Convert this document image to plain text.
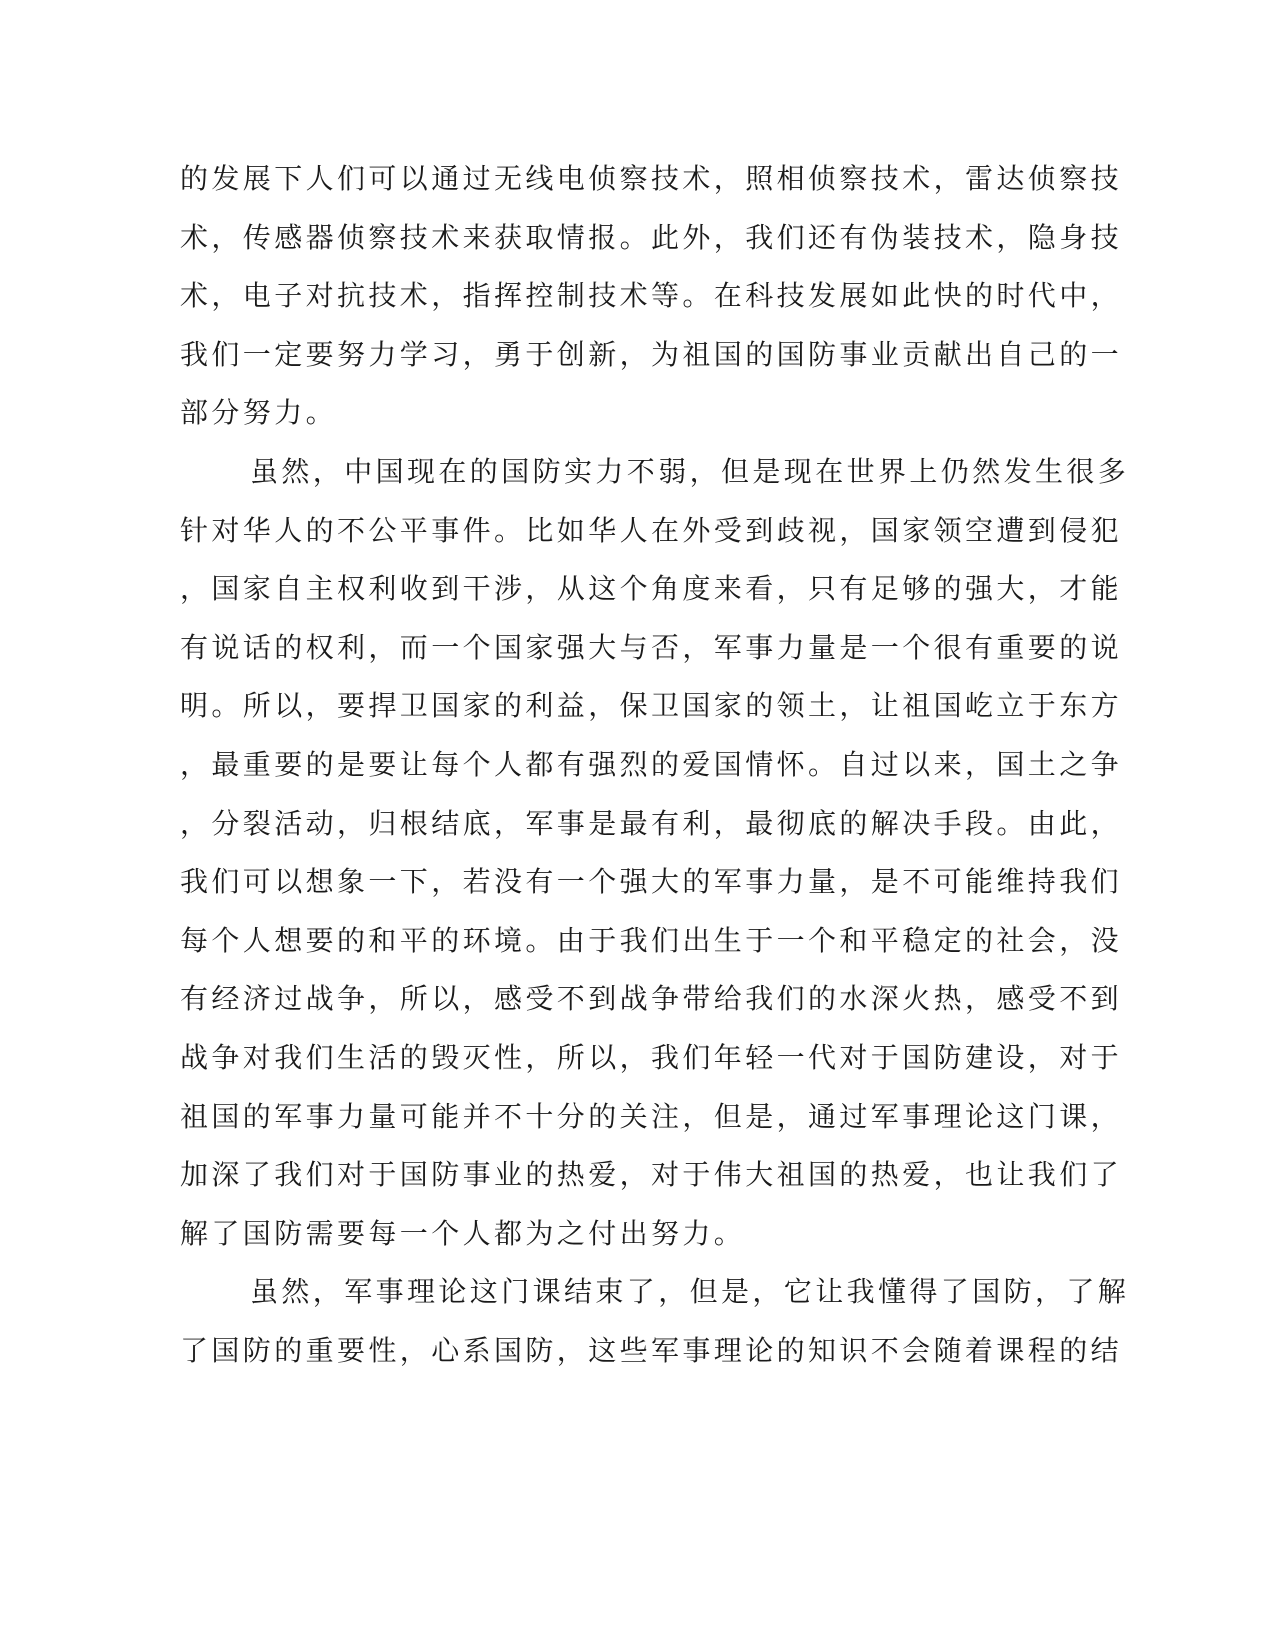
的发展下人们可以通过无线电侦察技术，照相侦察技术，雷达侦察技
术，传感器侦察技术来获取情报。此外，我们还有伪装技术，隐身技
术，电子对抗技术，指挥控制技术等。在科技发展如此快的时代中，
我们一定要努力学习，勇于创新，为祖国的国防事业贡献出自己的一
部分努力。
虽然，中国现在的国防实力不弱，但是现在世界上仍然发生很多
针对华人的不公平事件。比如华人在外受到歧视，国家领空遭到侵犯
，国家自主权利收到干涉，从这个角度来看，只有足够的强大，才能
有说话的权利，而一个国家强大与否，军事力量是一个很有重要的说
明。所以，要捍卫国家的利益，保卫国家的领土，让祖国屹立于东方
，最重要的是要让每个人都有强烈的爱国情怀。自过以来，国土之争
，分裂活动，归根结底，军事是最有利，最彻底的解决手段。由此，
我们可以想象一下，若没有一个强大的军事力量，是不可能维持我们
每个人想要的和平的环境。由于我们出生于一个和平稳定的社会，没
有经济过战争，所以，感受不到战争带给我们的水深火热，感受不到
战争对我们生活的毁灭性，所以，我们年轻一代对于国防建设，对于
祖国的军事力量可能并不十分的关注，但是，通过军事理论这门课，
加深了我们对于国防事业的热爱，对于伟大祖国的热爱，也让我们了
解了国防需要每一个人都为之付出努力。
虽然，军事理论这门课结束了，但是，它让我懂得了国防，了解
了国防的重要性，心系国防，这些军事理论的知识不会随着课程的结
